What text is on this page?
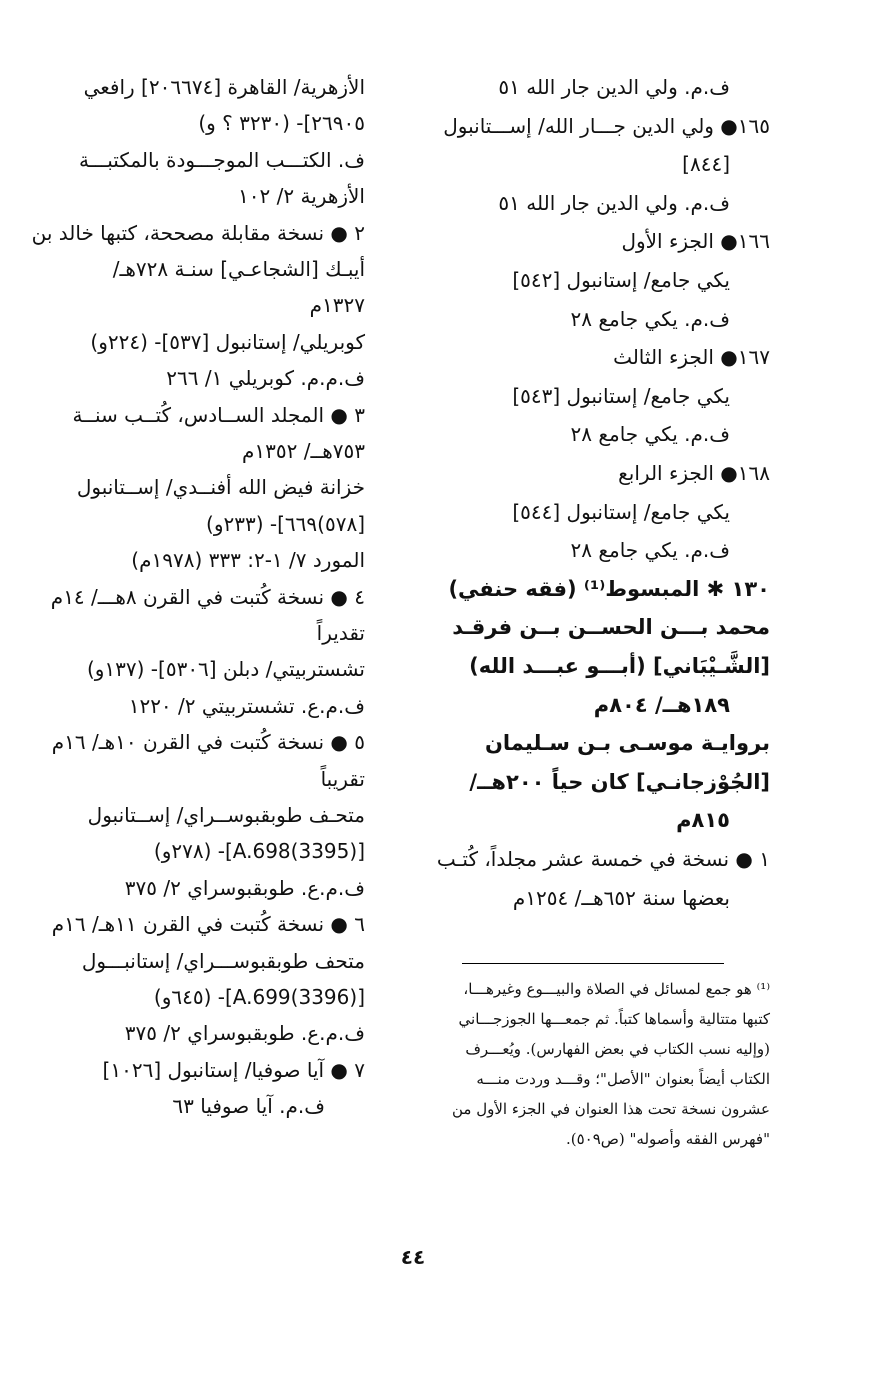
ف.م. ولي الدين جار الله ٥١
١٦٥● ولي الدين جـــار الله/ إســـتانبول
[٨٤٤]
ف.م. ولي الدين جار الله ٥١
١٦٦● الجزء الأول
يكي جامع/ إستانبول [٥٤٢]
ف.م. يكي جامع ٢٨
١٦٧● الجزء الثالث
يكي جامع/ إستانبول [٥٤٣]
ف.م. يكي جامع ٢٨
١٦٨● الجزء الرابع
يكي جامع/ إستانبول [٥٤٤]
ف.م. يكي جامع ٢٨
١٣٠ ✱ المبسوط⁽¹⁾ (فقه حنفي)
محمد بـــن الحســن بــن فرقـد
[الشَّـيْبَاني] (أبـــو عبـــد الله)
١٨٩هــ/ ٨٠٤م
بروايـة موسـى بـن سـليمان
[الجُوْزجانـي] كان حياً ٢٠٠هــ/
٨١٥م
١ ● نسخة في خمسة عشر مجلداً، كُتـب
بعضها سنة ٦٥٢هــ/ ١٢٥٤م
الأزهرية/ القاهرة [٢٠٦٦٧٤] رافعي
٢٦٩٠٥]- (٣٢٣٠ ؟ و)
ف. الكتـــب الموجـــودة بالمكتبـــة
الأزهرية ٢/ ١٠٢
٢ ● نسخة مقابلة مصححة، كتبها خالد بن
أيبـك [الشجاعـي] سنـة ٧٢٨هـ/
١٣٢٧م
كوبريلي/ إستانبول [٥٣٧]- (٢٢٤و)
ف.م.م. كوبريلي ١/ ٢٦٦
٣ ● المجلد الســادس، كُتــب سنــة
٧٥٣هــ/ ١٣٥٢م
خزانة فيض الله أفنــدي/ إســتانبول
[٥٧٨)٦٦٩]- (٢٣٣و)
المورد ٧/ ١-٢: ٣٣٣ (١٩٧٨م)
٤ ● نسخة كُتبت في القرن ٨هـــ/ ١٤م
تقديراً
تشستربيتي/ دبلن [٥٣٠٦]- (١٣٧و)
ف.م.ع. تشستربيتي ٢/ ١٢٢٠
٥ ● نسخة كُتبت في القرن ١٠هـ/ ١٦م
تقريباً
متحـف طوبقبوســراي/ إســتانبول
[(3395)A.698]- (٢٧٨و)
ف.م.ع. طوبقبوسراي ٢/ ٣٧٥
٦ ● نسخة كُتبت في القرن ١١هـ/ ١٦م
متحف طوبقبوســـراي/ إستانبـــول
[(3396)A.699]- (٦٤٥و)
ف.م.ع. طوبقبوسراي ٢/ ٣٧٥
٧ ● آيا صوفيا/ إستانبول [١٠٢٦]
ف.م. آيا صوفيا ٦٣
⁽¹⁾ هو جمع لمسائل في الصلاة والبيـــوع وغيرهـــا،
كتبها متتالية وأسماها كتباً. ثم جمعـــها الجوزجـــاني
(وإليه نسب الكتاب في بعض الفهارس). ويُعـــرف
الكتاب أيضاً بعنوان "الأصل"؛ وقـــد وردت منـــه
عشرون نسخة تحت هذا العنوان في الجزء الأول من
"فهرس الفقه وأصوله" (ص٥٠٩).
٤٤
